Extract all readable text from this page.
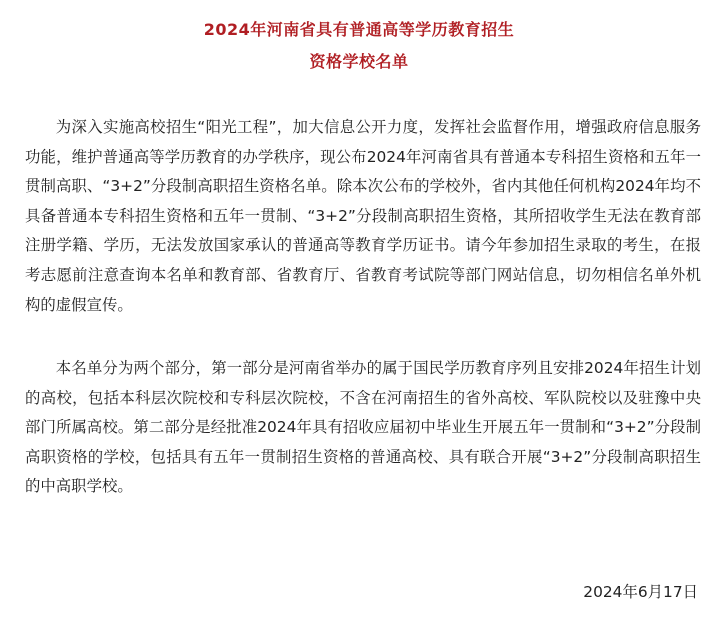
2024年河南省具有普通高等学历教育招生
资格学校名单

为深入实施高校招生“阳光工程”，加大信息公开力度，发挥社会监督作用，增强政府信息服务功能，维护普通高等学历教育的办学秩序，现公布2024年河南省具有普通本专科招生资格和五年一贯制高职、“3+2”分段制高职招生资格名单。除本次公布的学校外，省内其他任何机构2024年均不具备普通本专科招生资格和五年一贯制、“3+2”分段制高职招生资格，其所招收学生无法在教育部注册学籍、学历，无法发放国家承认的普通高等教育学历证书。请今年参加招生录取的考生，在报考志愿前注意查询本名单和教育部、省教育厅、省教育考试院等部门网站信息，切勿相信名单外机构的虚假宣传。

本名单分为两个部分，第一部分是河南省举办的属于国民学历教育序列且安排2024年招生计划的高校，包括本科层次院校和专科层次院校，不含在河南招生的省外高校、军队院校以及驻豫中央部门所属高校。第二部分是经批准2024年具有招收应届初中毕业生开展五年一贯制和“3+2”分段制高职资格的学校，包括具有五年一贯制招生资格的普通高校、具有联合开展“3+2”分段制高职招生的中高职学校。

2024年6月17日
